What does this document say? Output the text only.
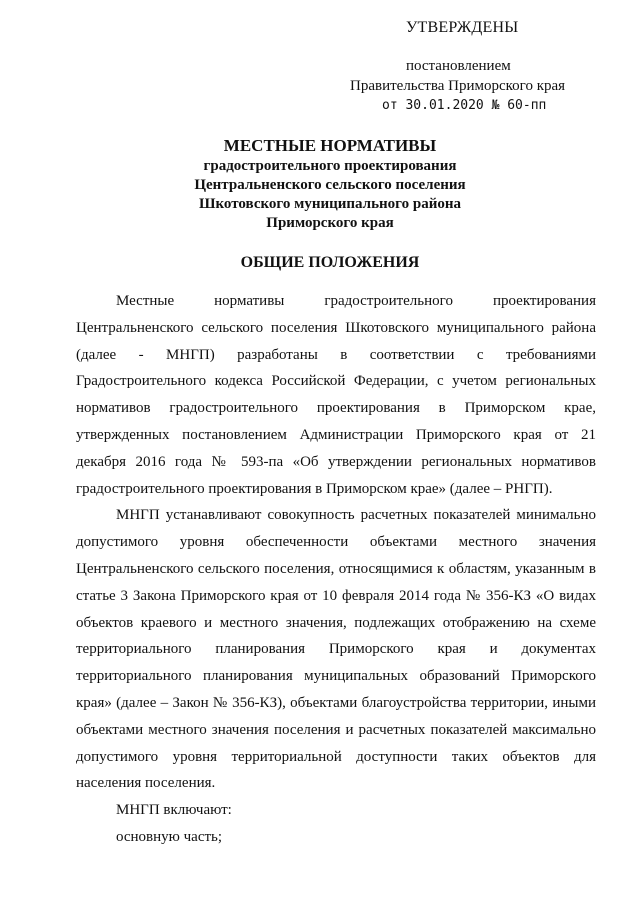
УТВЕРЖДЕНЫ
постановлением
Правительства Приморского края
от 30.01.2020 № 60-пп
МЕСТНЫЕ НОРМАТИВЫ
градостроительного проектирования
Центральненского сельского поселения
Шкотовского муниципального района
Приморского края
ОБЩИЕ ПОЛОЖЕНИЯ

Местные нормативы градостроительного проектирования Центральненского сельского поселения Шкотовского муниципального района (далее - МНГП) разработаны в соответствии с требованиями Градостроительного кодекса Российской Федерации, с учетом региональных нормативов градостроительного проектирования в Приморском крае, утвержденных постановлением Администрации Приморского края от 21 декабря 2016 года № 593-па «Об утверждении региональных нормативов градостроительного проектирования в Приморском крае» (далее – РНГП).

МНГП устанавливают совокупность расчетных показателей минимально допустимого уровня обеспеченности объектами местного значения Центральненского сельского поселения, относящимися к областям, указанным в статье 3 Закона Приморского края от 10 февраля 2014 года № 356-КЗ «О видах объектов краевого и местного значения, подлежащих отображению на схеме территориального планирования Приморского края и документах территориального планирования муниципальных образований Приморского края» (далее – Закон № 356-КЗ), объектами благоустройства территории, иными объектами местного значения поселения и расчетных показателей максимально допустимого уровня территориальной доступности таких объектов для населения поселения.

МНГП включают:

основную часть;
